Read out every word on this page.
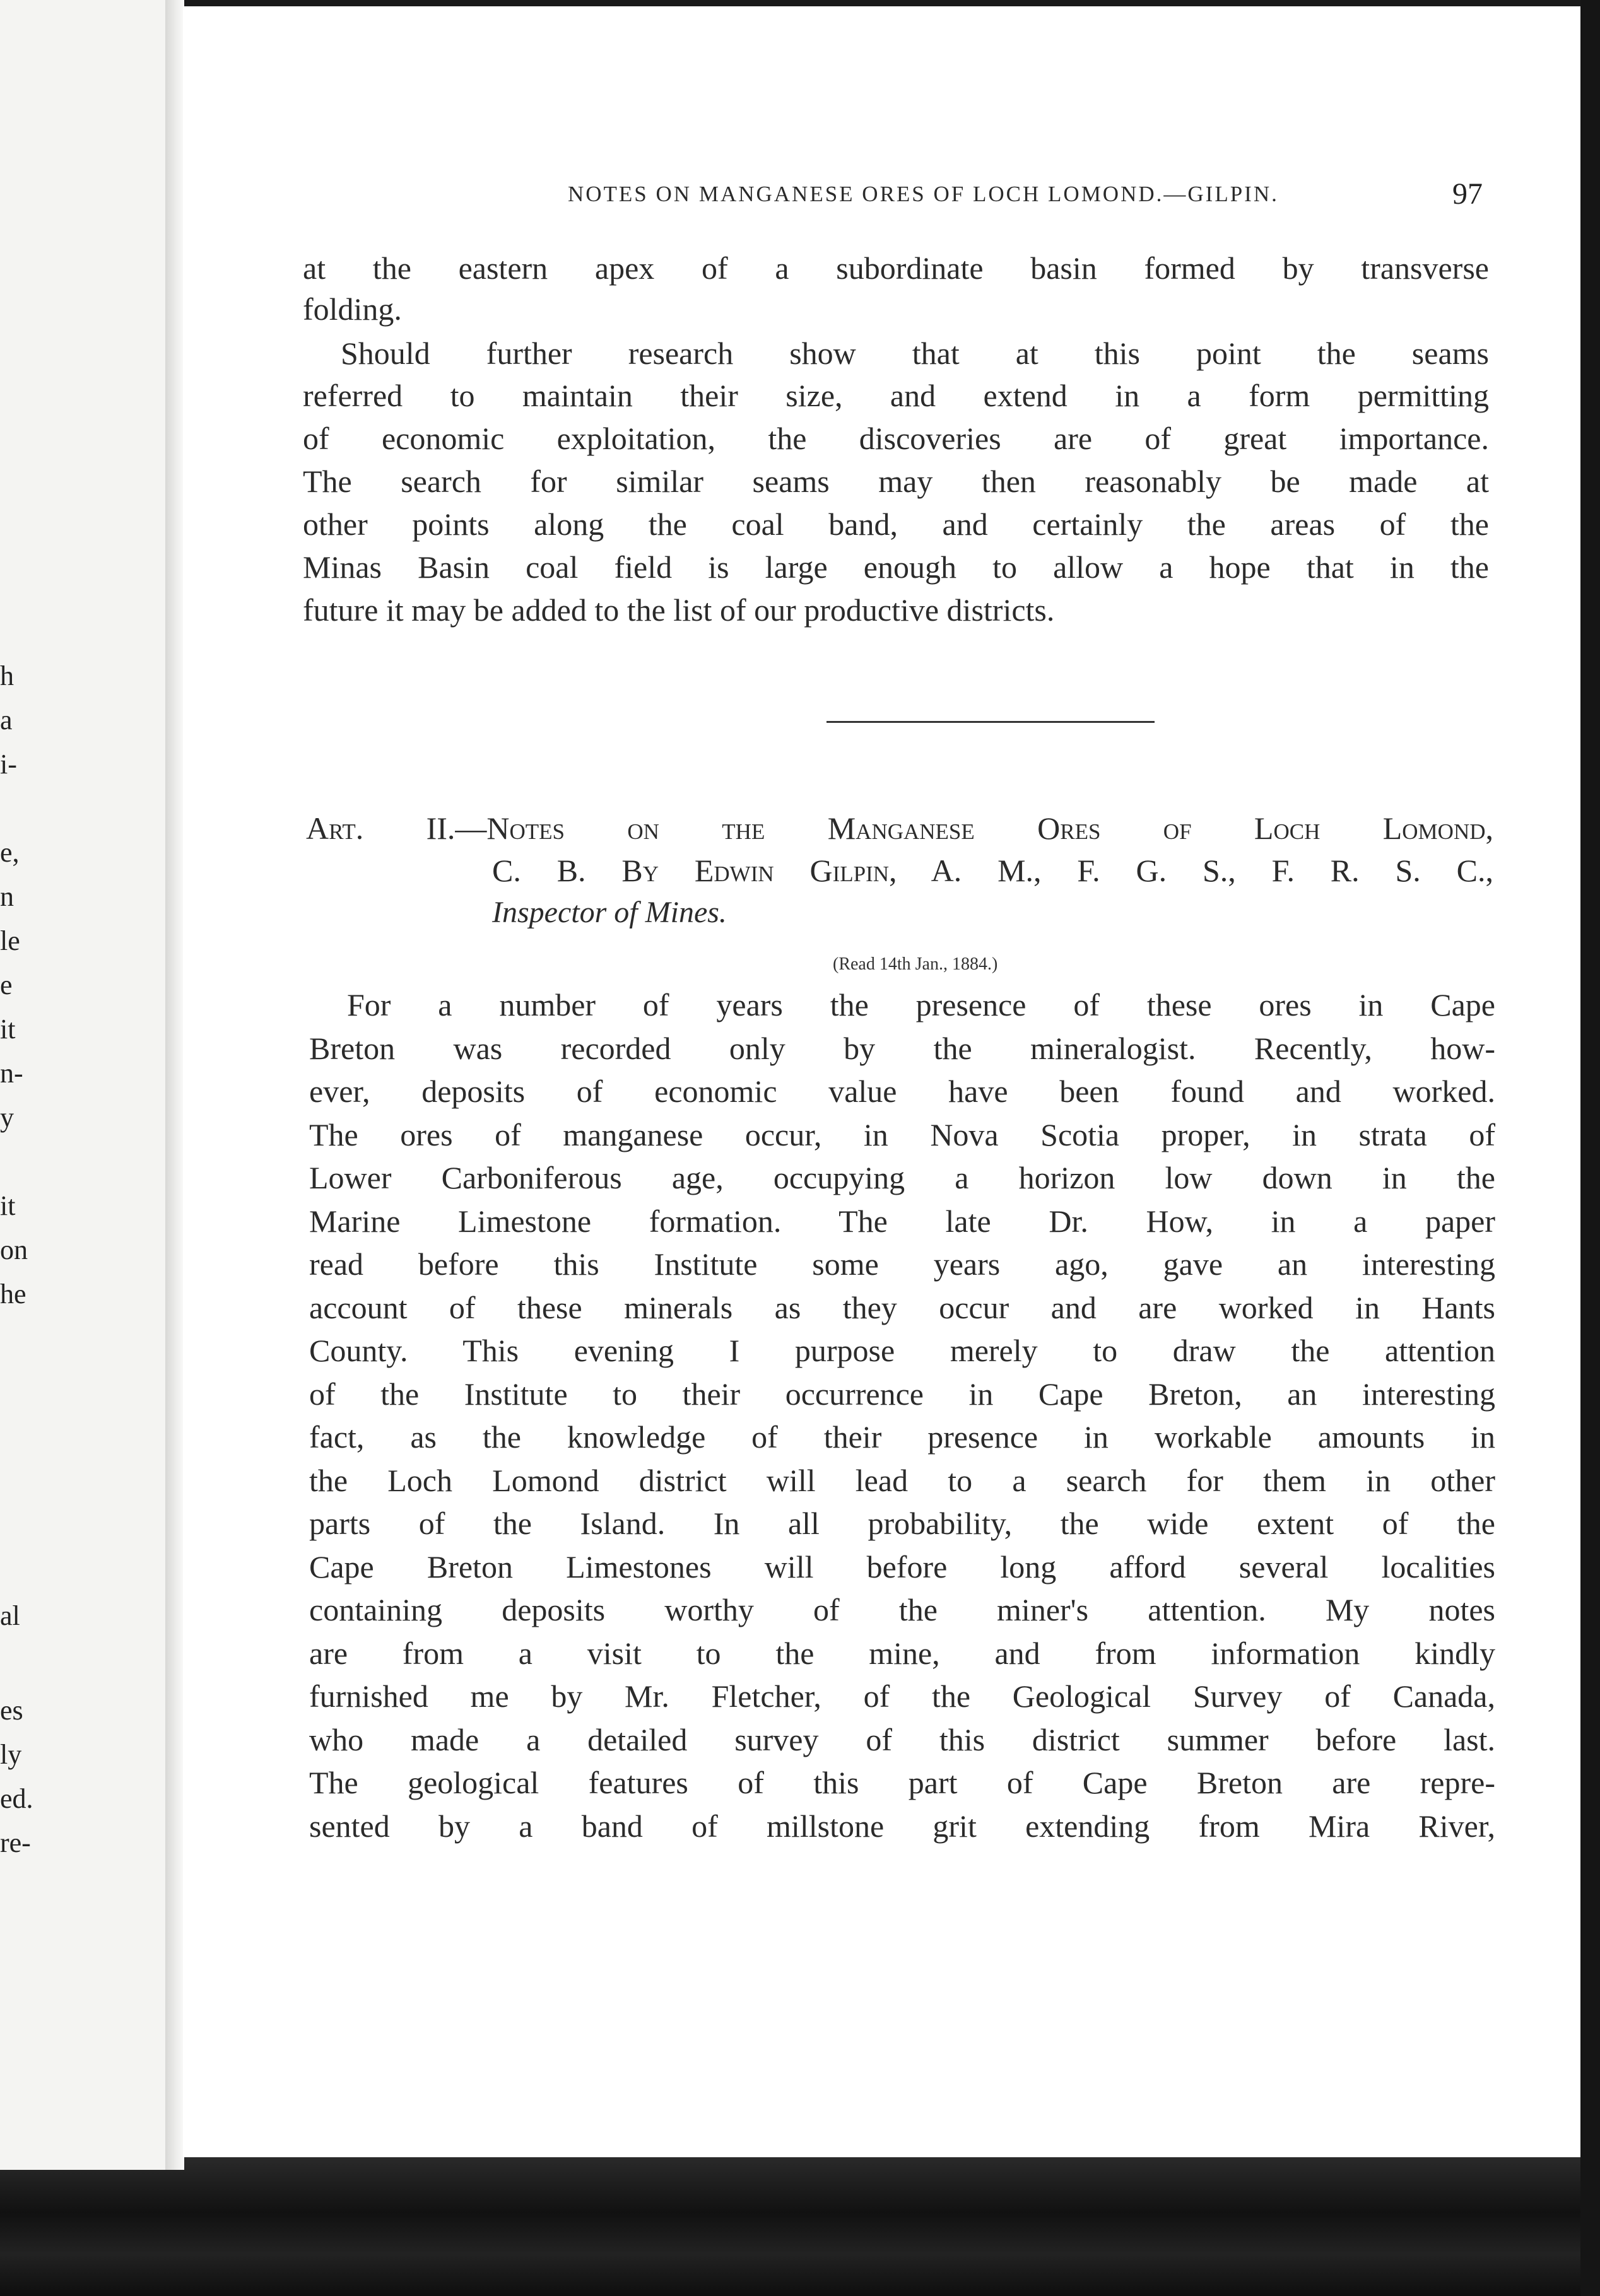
h
a
i-
e,
n
le
e
it
n-
y
it
on
he
al
es
ly
ed.
re-
NOTES ON MANGANESE ORES OF LOCH LOMOND.—GILPIN.	97
at the eastern apex of a subordinate basin formed by transverse
folding.
Should further research show that at this point the seams
referred to maintain their size, and extend in a form permitting
of economic exploitation, the discoveries are of great importance.
The search for similar seams may then reasonably be made at
other points along the coal band, and certainly the areas of the
Minas Basin coal field is large enough to allow a hope that in the
future it may be added to the list of our productive districts.
Art. II.—Notes on the Manganese Ores of Loch Lomond,
C. B. By Edwin Gilpin, A. M., F. G. S., F. R. S. C.,
Inspector of Mines.
(Read 14th Jan., 1884.)
For a number of years the presence of these ores in Cape
Breton was recorded only by the mineralogist. Recently, how-
ever, deposits of economic value have been found and worked.
The ores of manganese occur, in Nova Scotia proper, in strata of
Lower Carboniferous age, occupying a horizon low down in the
Marine Limestone formation. The late Dr. How, in a paper
read before this Institute some years ago, gave an interesting
account of these minerals as they occur and are worked in Hants
County. This evening I purpose merely to draw the attention
of the Institute to their occurrence in Cape Breton, an interesting
fact, as the knowledge of their presence in workable amounts in
the Loch Lomond district will lead to a search for them in other
parts of the Island. In all probability, the wide extent of the
Cape Breton Limestones will before long afford several localities
containing deposits worthy of the miner's attention. My notes
are from a visit to the mine, and from information kindly
furnished me by Mr. Fletcher, of the Geological Survey of Canada,
who made a detailed survey of this district summer before last.
The geological features of this part of Cape Breton are repre-
sented by a band of millstone grit extending from Mira River,
